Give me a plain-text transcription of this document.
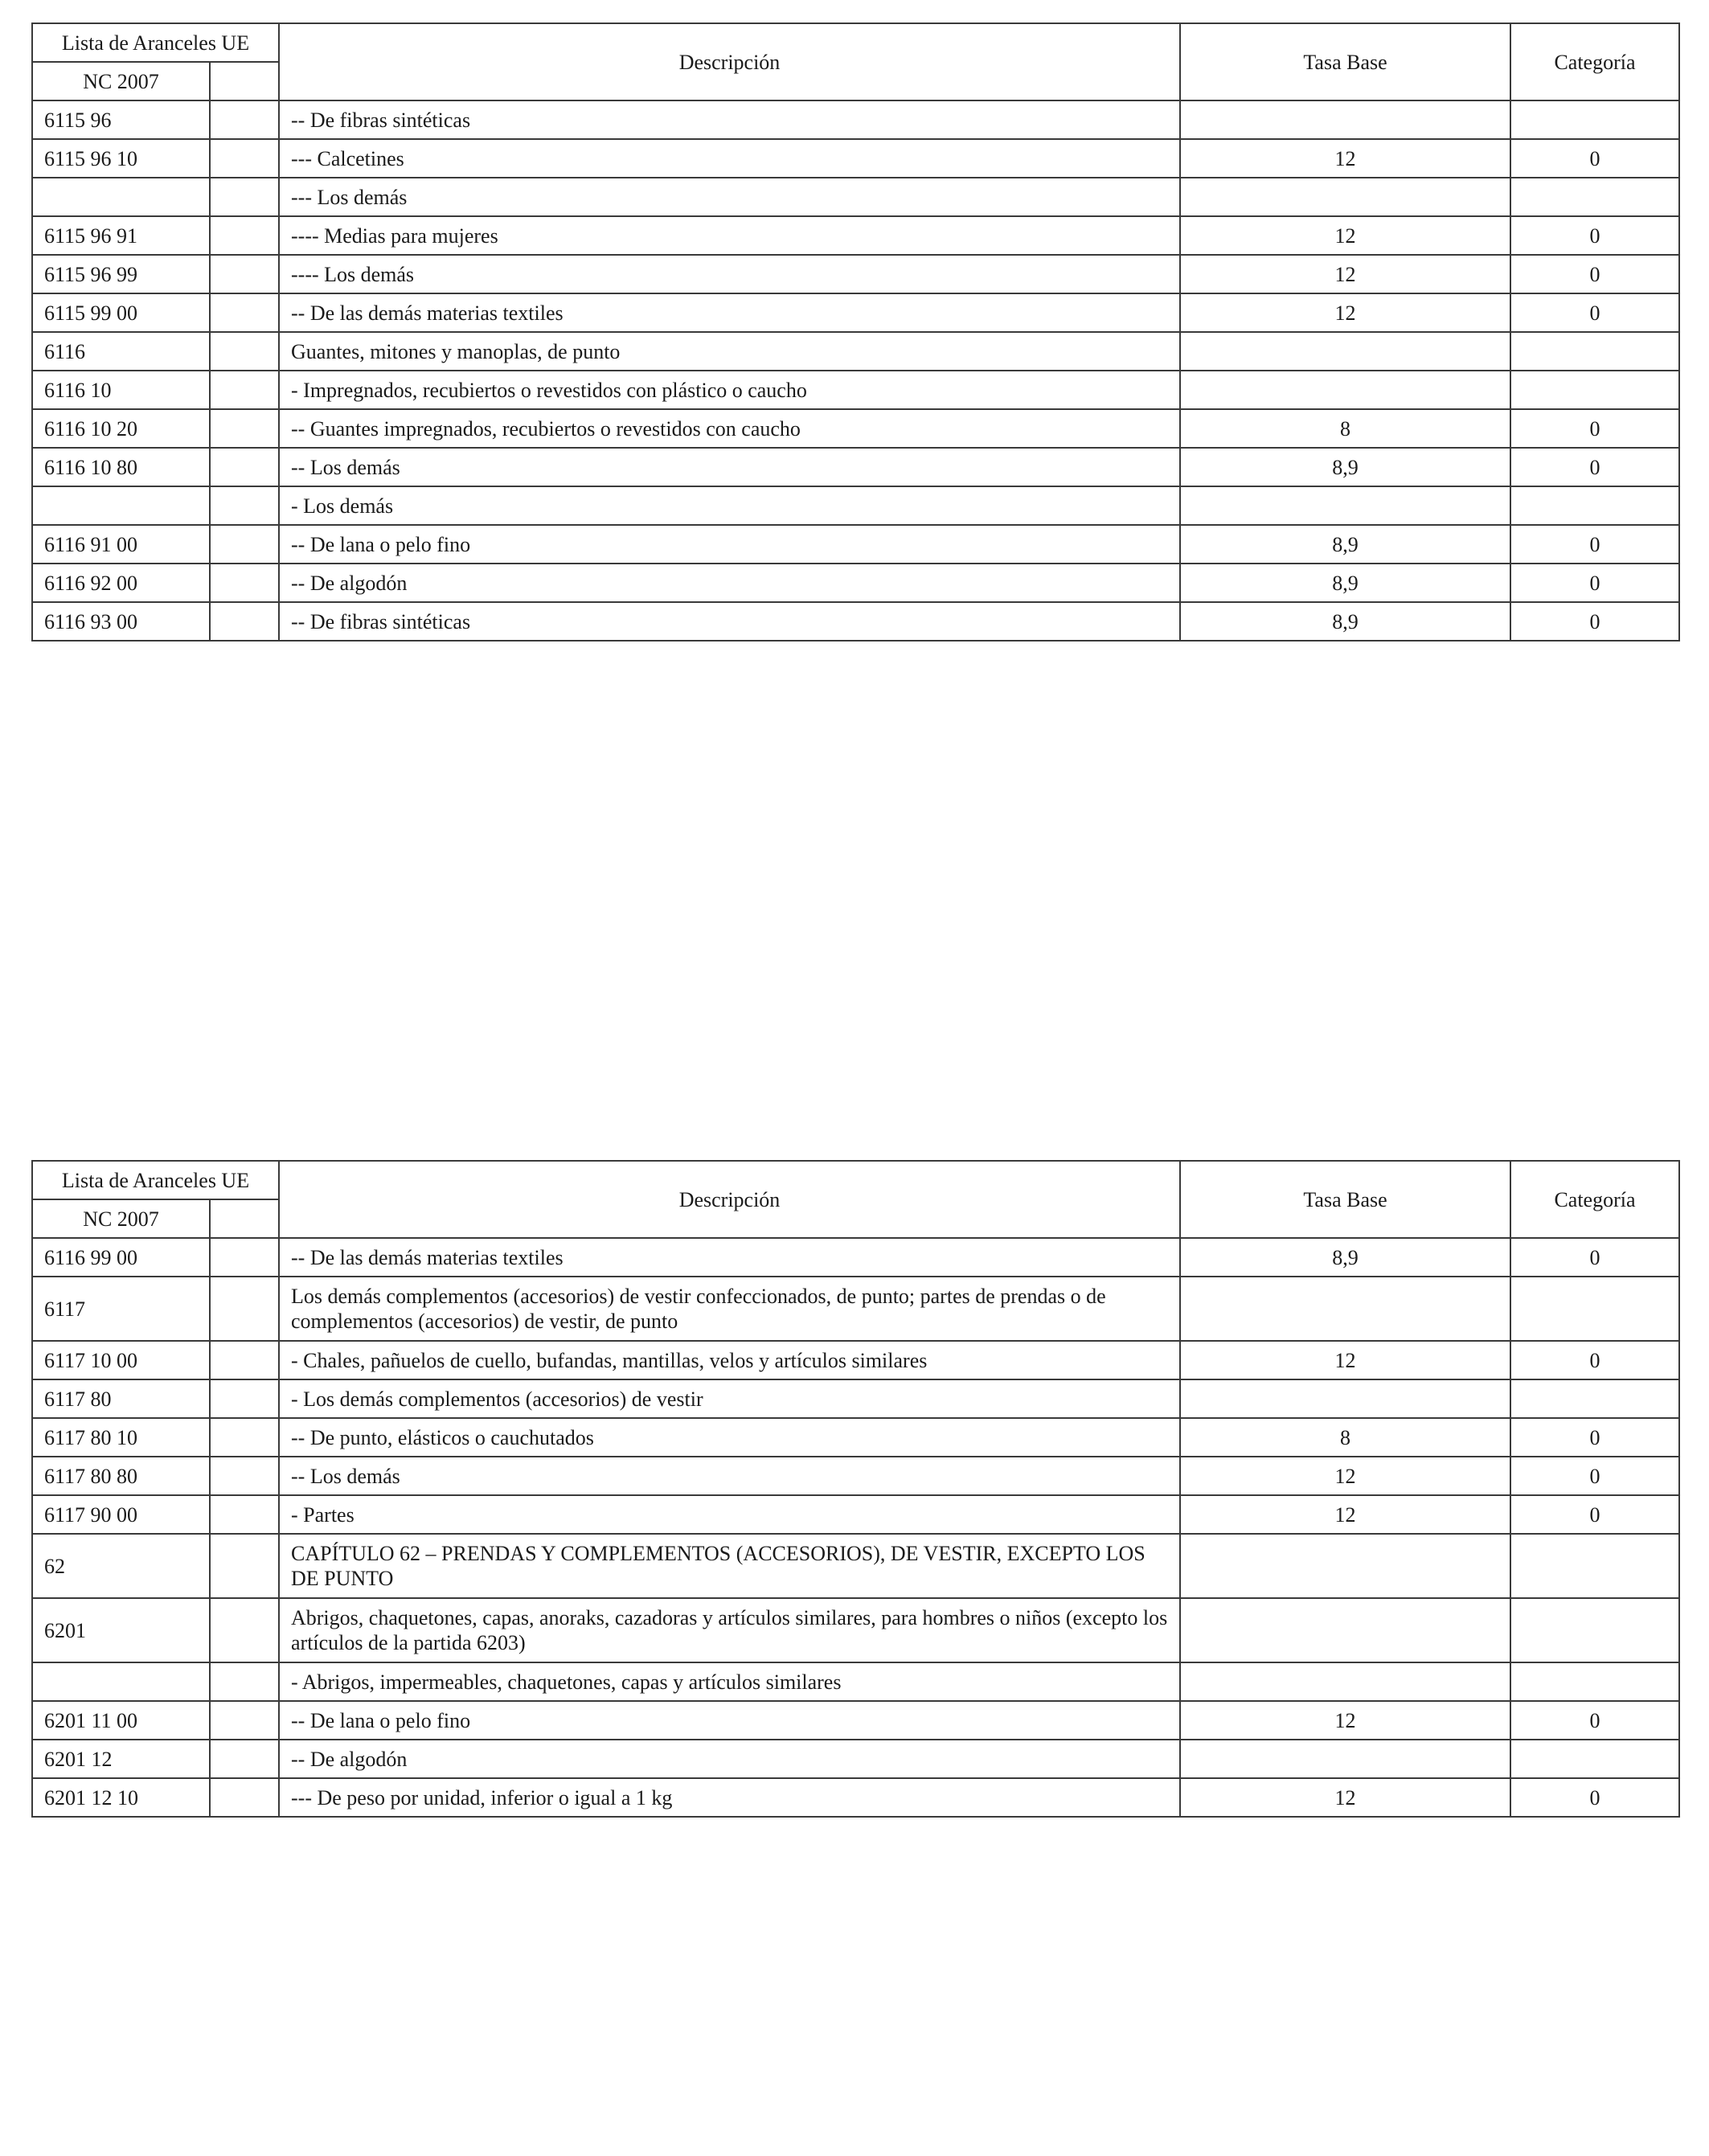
Lista de Aranceles UE		Descripción	Tasa Base	Categoría
NC 2007				
6115 96		-- De fibras sintéticas		
6115 96 10		--- Calcetines	12	0
		--- Los demás		
6115 96 91		---- Medias para mujeres	12	0
6115 96 99		---- Los demás	12	0
6115 99 00		-- De las demás materias textiles	12	0
6116		Guantes, mitones y manoplas, de punto		
6116 10		- Impregnados, recubiertos o revestidos con plástico o caucho		
6116 10 20		-- Guantes impregnados, recubiertos o revestidos con caucho	8	0
6116 10 80		-- Los demás	8,9	0
		- Los demás		
6116 91 00		-- De lana o pelo fino	8,9	0
6116 92 00		-- De algodón	8,9	0
6116 93 00		-- De fibras sintéticas	8,9	0
Lista de Aranceles UE		Descripción	Tasa Base	Categoría
NC 2007				
6116 99 00		-- De las demás materias textiles	8,9	0
6117		Los demás complementos (accesorios) de vestir confeccionados, de punto; partes de prendas o de complementos (accesorios) de vestir, de punto		
6117 10 00		- Chales, pañuelos de cuello, bufandas, mantillas, velos y artículos similares	12	0
6117 80		- Los demás complementos (accesorios) de vestir		
6117 80 10		-- De punto, elásticos o cauchutados	8	0
6117 80 80		-- Los demás	12	0
6117 90 00		- Partes	12	0
62		CAPÍTULO 62 – PRENDAS Y COMPLEMENTOS (ACCESORIOS), DE VESTIR, EXCEPTO LOS DE PUNTO		
6201		Abrigos, chaquetones, capas, anoraks, cazadoras y artículos similares, para hombres o niños (excepto los artículos de la partida 6203)		
		- Abrigos, impermeables, chaquetones, capas y artículos similares		
6201 11 00		-- De lana o pelo fino	12	0
6201 12		-- De algodón		
6201 12 10		--- De peso por unidad, inferior o igual a 1 kg	12	0
